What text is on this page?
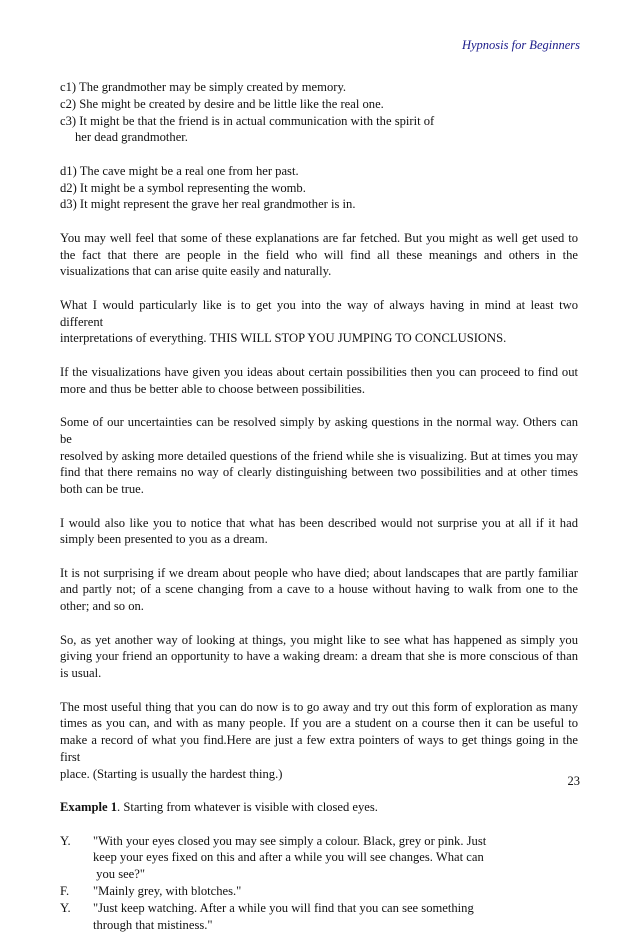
Hypnosis for Beginners

c1) The grandmother may be simply created by memory.

c2) She might be created by desire and be little like the real one.

c3) It might be that the friend is in actual communication with the spirit of

her dead grandmother.

d1) The cave might be a real one from her past.

d2) It might be a symbol representing the womb.

d3) It might represent the grave her real grandmother is in.

You may well feel that some of these explanations are far fetched. But you might as well get used to
the fact that there are people in the field who will find all these meanings and others in the
visualizations that can arise quite easily and naturally.

What I would particularly like is to get you into the way of always having in mind at least two different
interpretations of everything. THIS WILL STOP YOU JUMPING TO CONCLUSIONS.

If the visualizations have given you ideas about certain possibilities then you can proceed to find out
more and thus be better able to choose between possibilities.

Some of our uncertainties can be resolved simply by asking questions in the normal way. Others can be
resolved by asking more detailed questions of the friend while she is visualizing. But at times you may
find that there remains no way of clearly distinguishing between two possibilities and at other times
both can be true.

I would also like you to notice that what has been described would not surprise you at all if it had
simply been presented to you as a dream.

It is not surprising if we dream about people who have died; about landscapes that are partly familiar
and partly not; of a scene changing from a cave to a house without having to walk from one to the
other; and so on.

So, as yet another way of looking at things, you might like to see what has happened as simply you
giving your friend an opportunity to have a waking dream: a dream that she is more conscious of than
is usual.

The most useful thing that you can do now is to go away and try out this form of exploration as many
times as you can, and with as many people. If you are a student on a course then it can be useful to
make a record of what you find.Here are just a few extra pointers of ways to get things going in the first
place. (Starting is usually the hardest thing.)

Example 1. Starting from whatever is visible with closed eyes.

Y.	"With your eyes closed you may see simply a colour. Black, grey or pink. Just
keep your eyes fixed on this and after a while you will see changes. What can
you see?"
F.	"Mainly grey, with blotches."
Y.	"Just keep watching. After a while you will find that you can see something
through that mistiness."
23
